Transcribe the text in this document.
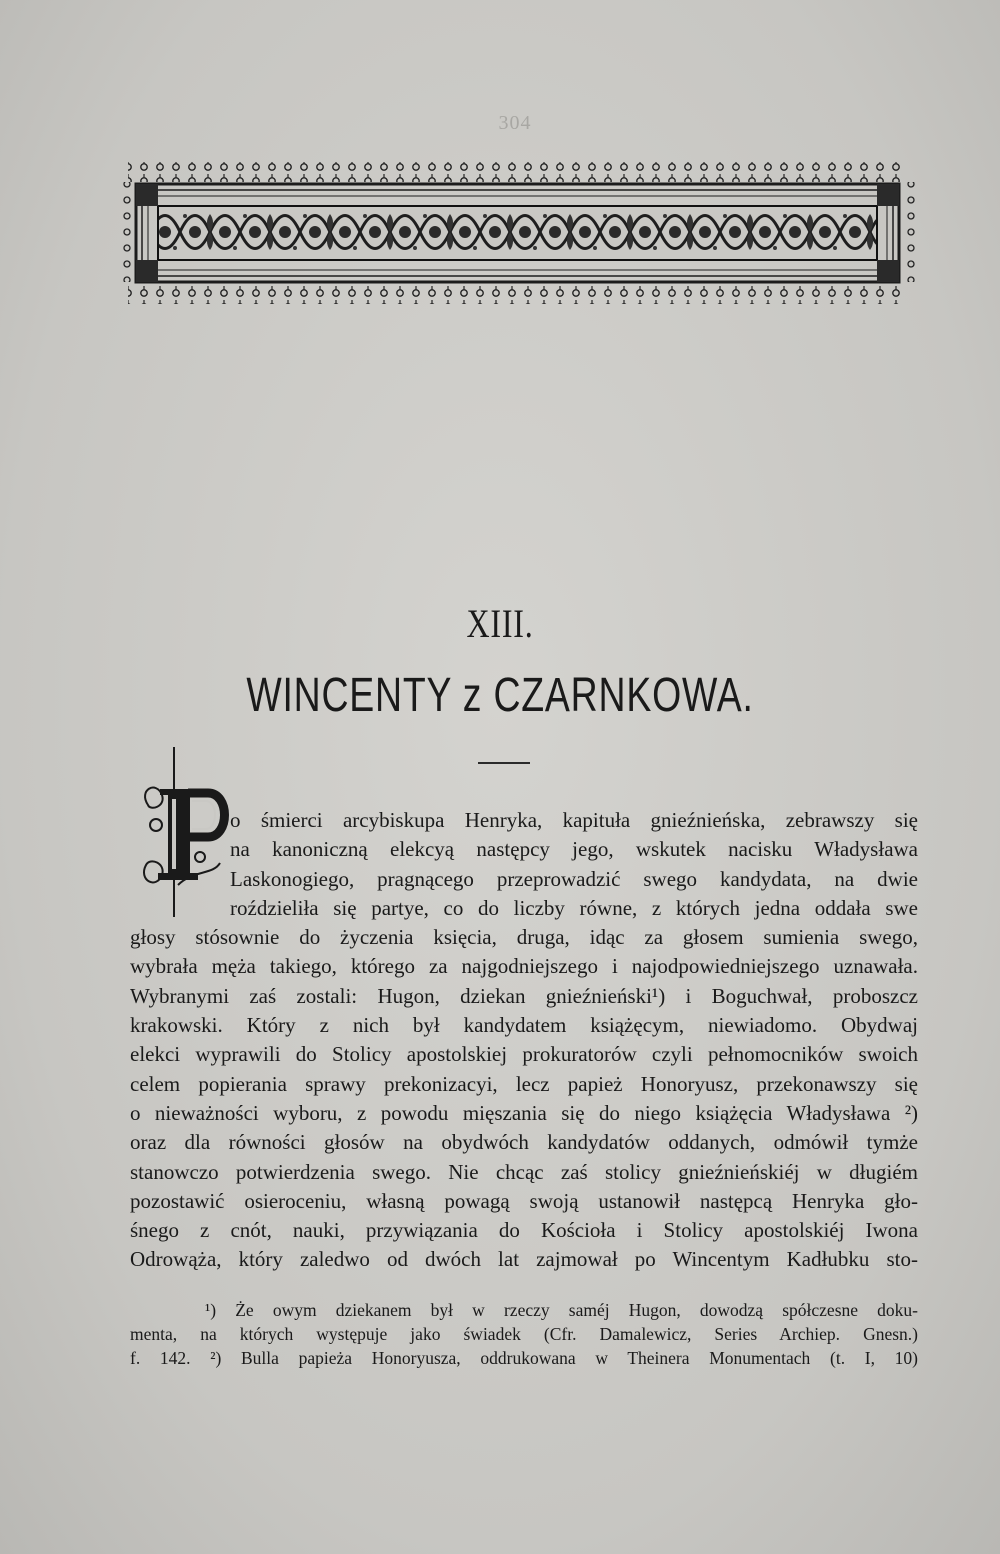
304
XIII.
WINCENTY z CZARNKOWA.
o śmierci arcybiskupa Henryka, kapituła gnieźnieńska, zebrawszy się
na kanoniczną elekcyą następcy jego, wskutek nacisku Władysława
Laskonogiego, pragnącego przeprowadzić swego kandydata, na dwie
roździeliła się partye, co do liczby równe, z których jedna oddała swe
głosy stósownie do życzenia księcia, druga, idąc za głosem sumienia swego,
wybrała męża takiego, którego za najgodniejszego i najodpowiedniejszego uznawała.
Wybranymi zaś zostali: Hugon, dziekan gnieźnieński¹) i Boguchwał, proboszcz
krakowski. Który z nich był kandydatem książęcym, niewiadomo. Obydwaj
elekci wyprawili do Stolicy apostolskiej prokuratorów czyli pełnomocników swoich
celem popierania sprawy prekonizacyi, lecz papież Honoryusz, przekonawszy się
o nieważności wyboru, z powodu mięszania się do niego książęcia Władysława ²)
oraz dla równości głosów na obydwóch kandydatów oddanych, odmówił tymże
stanowczo potwierdzenia swego. Nie chcąc zaś stolicy gnieźnieńskiéj w długiém
pozostawić osieroceniu, własną powagą swoją ustanowił następcą Henryka gło-
śnego z cnót, nauki, przywiązania do Kościoła i Stolicy apostolskiéj Iwona
Odrowąża, który zaledwo od dwóch lat zajmował po Wincentym Kadłubku sto-
¹) Że owym dziekanem był w rzeczy saméj Hugon, dowodzą spółczesne doku-
menta, na których występuje jako świadek (Cfr. Damalewicz, Series Archiep. Gnesn.)
f. 142. ²) Bulla papieża Honoryusza, oddrukowana w Theinera Monumentach (t. I, 10)
